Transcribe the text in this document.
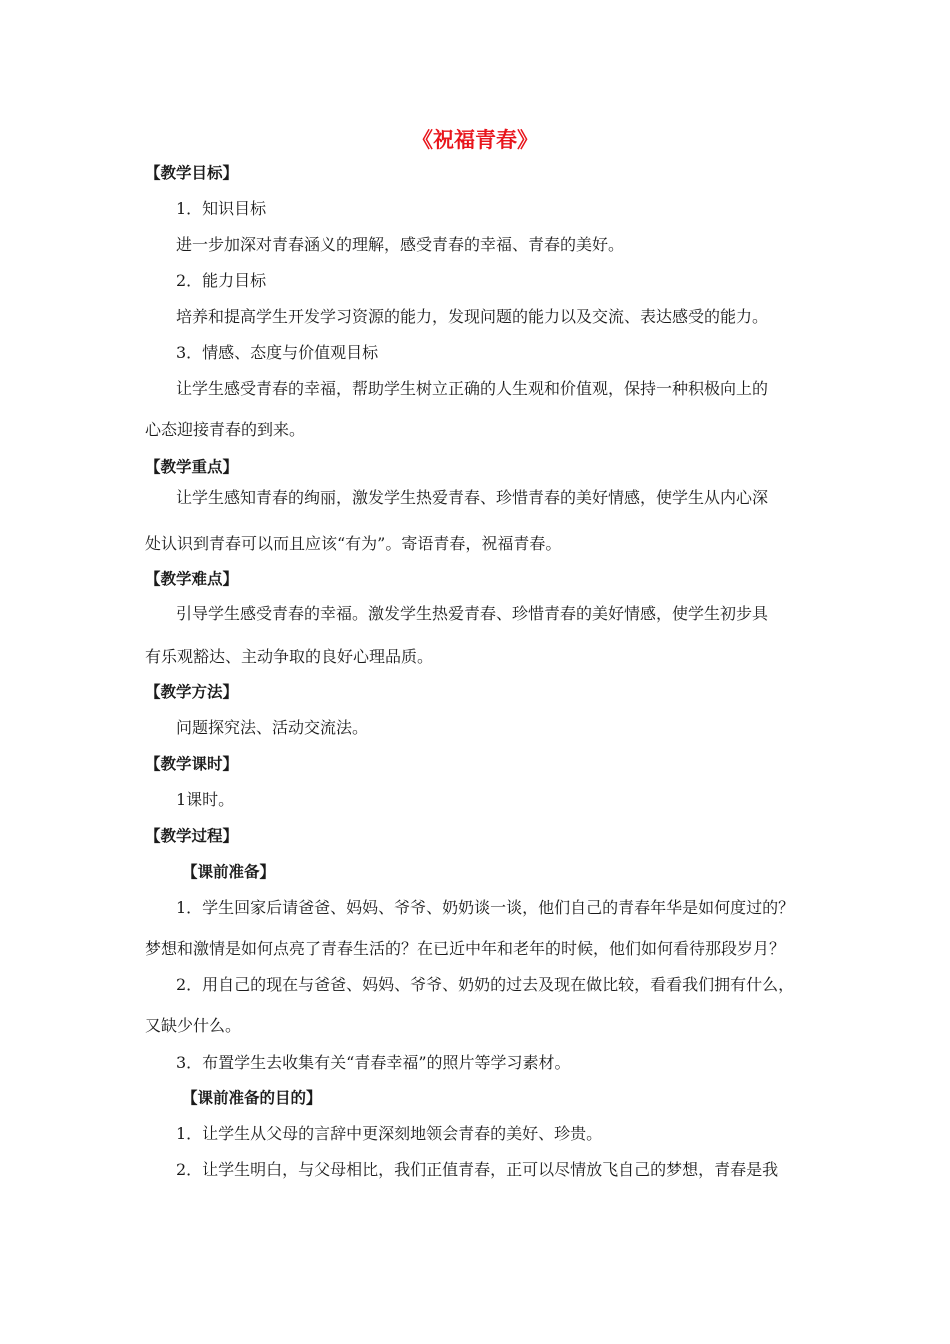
《祝福青春》
【教学目标】
1．知识目标
进一步加深对青春涵义的理解，感受青春的幸福、青春的美好。
2．能力目标
培养和提高学生开发学习资源的能力，发现问题的能力以及交流、表达感受的能力。
3．情感、态度与价值观目标
让学生感受青春的幸福，帮助学生树立正确的人生观和价值观，保持一种积极向上的
心态迎接青春的到来。
【教学重点】
让学生感知青春的绚丽，激发学生热爱青春、珍惜青春的美好情感，使学生从内心深
处认识到青春可以而且应该“有为”。寄语青春，祝福青春。
【教学难点】
引导学生感受青春的幸福。激发学生热爱青春、珍惜青春的美好情感，使学生初步具
有乐观豁达、主动争取的良好心理品质。
【教学方法】
问题探究法、活动交流法。
【教学课时】
1课时。
【教学过程】
【课前准备】
1．学生回家后请爸爸、妈妈、爷爷、奶奶谈一谈，他们自己的青春年华是如何度过的？
梦想和激情是如何点亮了青春生活的？在已近中年和老年的时候，他们如何看待那段岁月？
2．用自己的现在与爸爸、妈妈、爷爷、奶奶的过去及现在做比较，看看我们拥有什么，
又缺少什么。
3．布置学生去收集有关“青春幸福”的照片等学习素材。
【课前准备的目的】
1．让学生从父母的言辞中更深刻地领会青春的美好、珍贵。
2．让学生明白，与父母相比，我们正值青春，正可以尽情放飞自己的梦想，青春是我
